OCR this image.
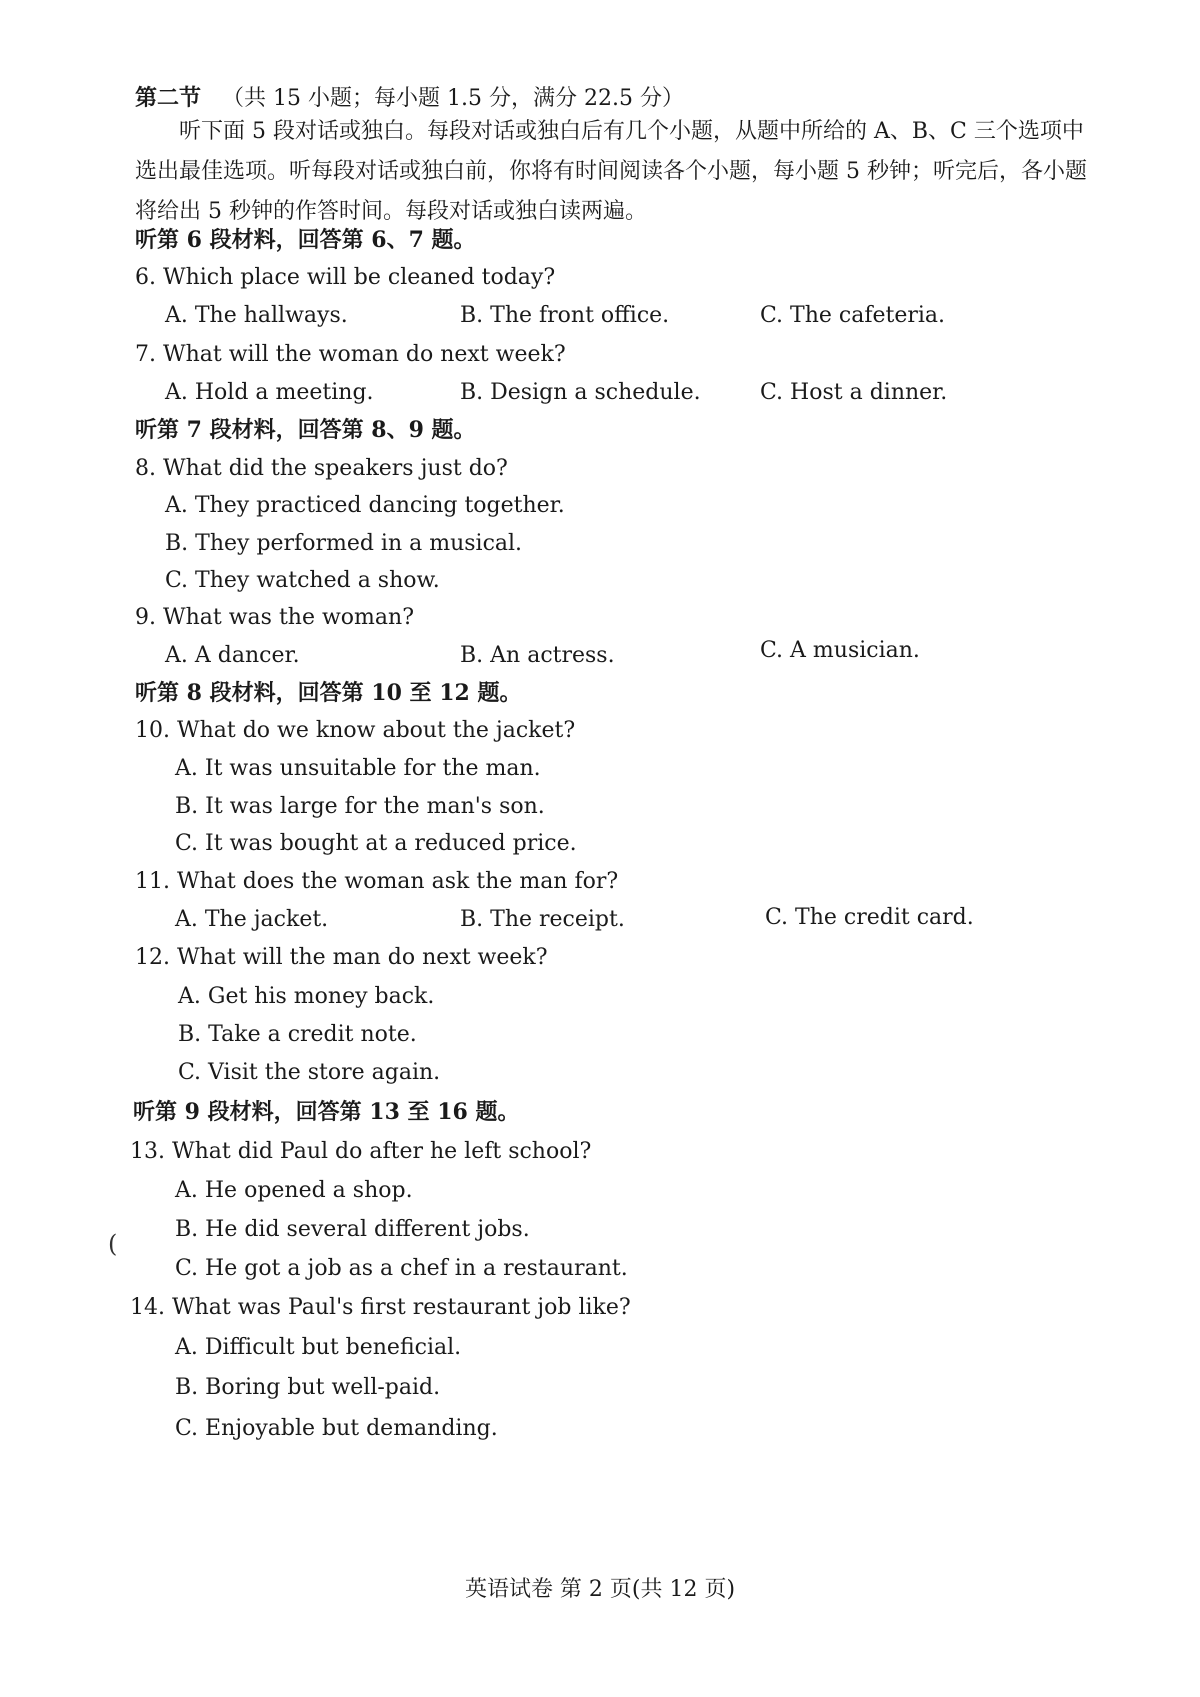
第二节 （共 15 小题；每小题 1.5 分，满分 22.5 分）
听下面 5 段对话或独白。每段对话或独白后有几个小题，从题中所给的 A、B、C 三个选项中选出最佳选项。听每段对话或独白前，你将有时间阅读各个小题，每小题 5 秒钟；听完后，各小题将给出 5 秒钟的作答时间。每段对话或独白读两遍。
听第 6 段材料，回答第 6、7 题。
6. Which place will be cleaned today?
A. The hallways.	B. The front office.	C. The cafeteria.
7. What will the woman do next week?
A. Hold a meeting.	B. Design a schedule.	C. Host a dinner.
听第 7 段材料，回答第 8、9 题。
8. What did the speakers just do?
A. They practiced dancing together.
B. They performed in a musical.
C. They watched a show.
9. What was the woman?
A. A dancer.	B. An actress.	C. A musician.
听第 8 段材料，回答第 10 至 12 题。
10. What do we know about the jacket?
A. It was unsuitable for the man.
B. It was large for the man's son.
C. It was bought at a reduced price.
11. What does the woman ask the man for?
A. The jacket.	B. The receipt.	C. The credit card.
12. What will the man do next week?
A. Get his money back.
B. Take a credit note.
C. Visit the store again.
听第 9 段材料，回答第 13 至 16 题。
(
13. What did Paul do after he left school?
A. He opened a shop.
B. He did several different jobs.
C. He got a job as a chef in a restaurant.
14. What was Paul's first restaurant job like?
A. Difficult but beneficial.
B. Boring but well-paid.
C. Enjoyable but demanding.
英语试卷 第 2 页(共 12 页)
